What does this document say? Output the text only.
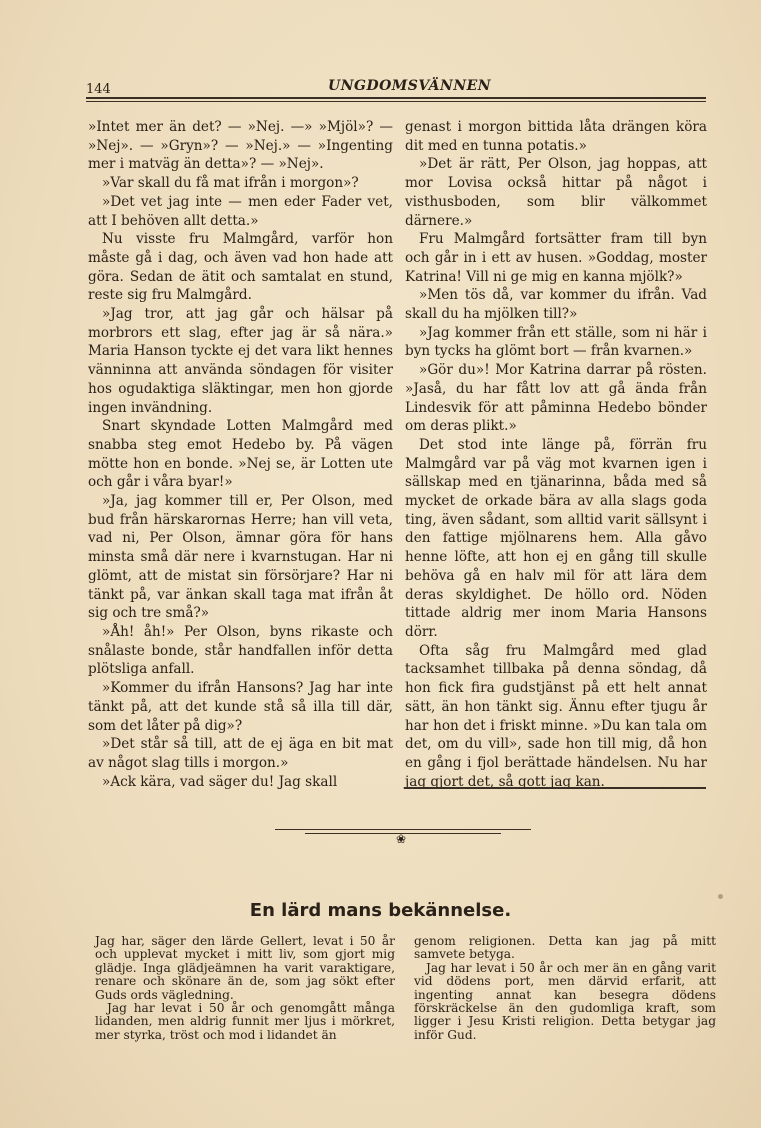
144	UNGDOMSVÄNNEN

»Intet mer än det? — »Nej. —» »Mjöl»? — »Nej». — »Gryn»? — »Nej.» — »Ingenting mer i matväg än detta»? — »Nej».

»Var skall du få mat ifrån i morgon»?

»Det vet jag inte — men eder Fader vet, att I behöven allt detta.»

Nu visste fru Malmgård, varför hon måste gå i dag, och även vad hon hade att göra. Sedan de ätit och samtalat en stund, reste sig fru Malmgård.

»Jag tror, att jag går och hälsar på morbrors ett slag, efter jag är så nära.» Maria Hanson tyckte ej det vara likt hennes vänninna att använda söndagen för visiter hos ogudaktiga släktingar, men hon gjorde ingen invändning.

Snart skyndade Lotten Malmgård med snabba steg emot Hedebo by. På vägen mötte hon en bonde. »Nej se, är Lotten ute och går i våra byar!»

»Ja, jag kommer till er, Per Olson, med bud från härskarornas Herre; han vill veta, vad ni, Per Olson, ämnar göra för hans minsta små där nere i kvarnstugan. Har ni glömt, att de mistat sin försörjare? Har ni tänkt på, var änkan skall taga mat ifrån åt sig och tre små?»

»Åh! åh!» Per Olson, byns rikaste och snålaste bonde, står handfallen inför detta plötsliga anfall.

»Kommer du ifrån Hansons? Jag har inte tänkt på, att det kunde stå så illa till där, som det låter på dig»?

»Det står så till, att de ej äga en bit mat av något slag tills i morgon.»

»Ack kära, vad säger du! Jag skall

genast i morgon bittida låta drängen köra dit med en tunna potatis.»

»Det är rätt, Per Olson, jag hoppas, att mor Lovisa också hittar på något i visthusboden, som blir välkommet därnere.»

Fru Malmgård fortsätter fram till byn och går in i ett av husen. »Goddag, moster Katrina! Vill ni ge mig en kanna mjölk?»

»Men tös då, var kommer du ifrån. Vad skall du ha mjölken till?»

»Jag kommer från ett ställe, som ni här i byn tycks ha glömt bort — från kvarnen.»

»Gör du»! Mor Katrina darrar på rösten. »Jaså, du har fått lov att gå ända från Lindesvik för att påminna Hedebo bönder om deras plikt.»

Det stod inte länge på, förrän fru Malmgård var på väg mot kvarnen igen i sällskap med en tjänarinna, båda med så mycket de orkade bära av alla slags goda ting, även sådant, som alltid varit sällsynt i den fattige mjölnarens hem. Alla gåvo henne löfte, att hon ej en gång till skulle behöva gå en halv mil för att lära dem deras skyldighet. De höllo ord. Nöden tittade aldrig mer inom Maria Hansons dörr.

Ofta såg fru Malmgård med glad tacksamhet tillbaka på denna söndag, då hon fick fira gudstjänst på ett helt annat sätt, än hon tänkt sig. Ännu efter tjugu år har hon det i friskt minne. »Du kan tala om det, om du vill», sade hon till mig, då hon en gång i fjol berättade händelsen. Nu har jag gjort det, så gott jag kan.

❀
En lärd mans bekännelse.

Jag har, säger den lärde Gellert, levat i 50 år och upplevat mycket i mitt liv, som gjort mig glädje. Inga glädjeämnen ha varit varaktigare, renare och skönare än de, som jag sökt efter Guds ords vägledning.

Jag har levat i 50 år och genomgått många lidanden, men aldrig funnit mer ljus i mörkret, mer styrka, tröst och mod i lidandet än

genom religionen. Detta kan jag på mitt samvete betyga.

Jag har levat i 50 år och mer än en gång varit vid dödens port, men därvid erfarit, att ingenting annat kan besegra dödens förskräckelse än den gudomliga kraft, som ligger i Jesu Kristi religion. Detta betygar jag inför Gud.
